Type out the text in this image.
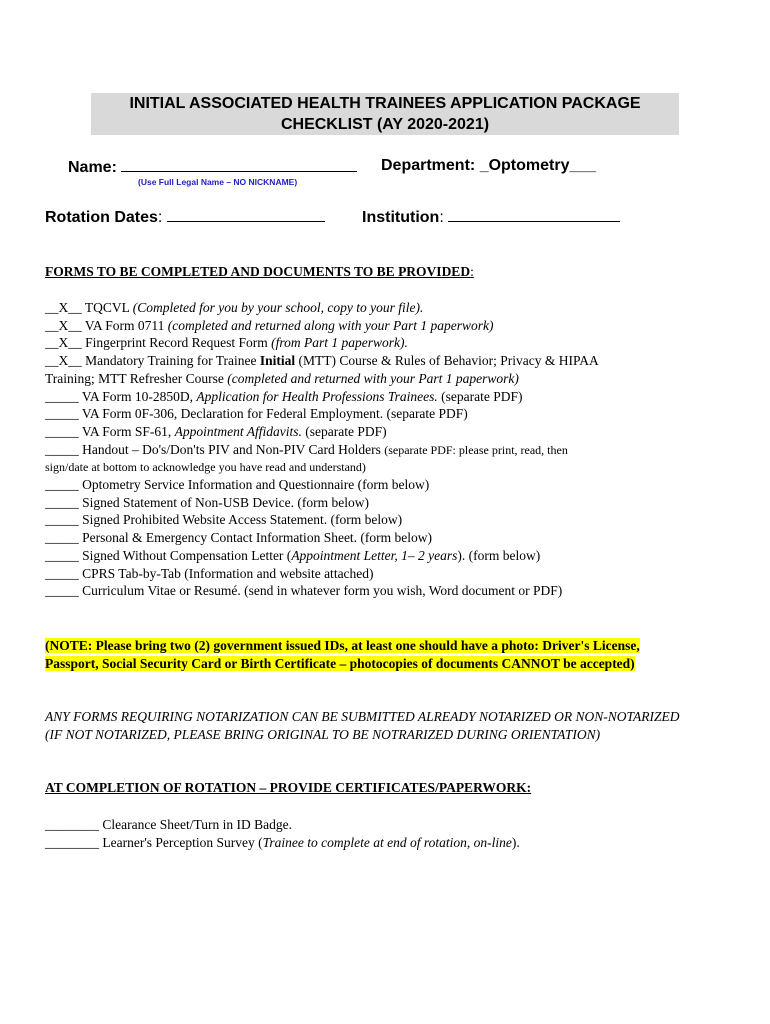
INITIAL ASSOCIATED HEALTH TRAINEES APPLICATION PACKAGE
CHECKLIST (AY 2020-2021)
Name:	Department: _Optometry___
(Use Full Legal Name – NO NICKNAME)
Rotation Dates:	Institution:
FORMS TO BE COMPLETED AND DOCUMENTS TO BE PROVIDED:
__X__ TQCVL (Completed for you by your school, copy to your file).
__X__ VA Form 0711 (completed and returned along with your Part 1 paperwork)
__X__ Fingerprint Record Request Form (from Part 1 paperwork).
__X__ Mandatory Training for Trainee Initial (MTT) Course & Rules of Behavior; Privacy & HIPAA
Training; MTT Refresher Course (completed and returned with your Part 1 paperwork)
_____ VA Form 10-2850D, Application for Health Professions Trainees. (separate PDF)
_____ VA Form 0F-306, Declaration for Federal Employment. (separate PDF)
_____ VA Form SF-61, Appointment Affidavits. (separate PDF)
_____ Handout – Do's/Don'ts PIV and Non-PIV Card Holders (separate PDF: please print, read, then
sign/date at bottom to acknowledge you have read and understand)
_____ Optometry Service Information and Questionnaire (form below)
_____ Signed Statement of Non-USB Device. (form below)
_____ Signed Prohibited Website Access Statement. (form below)
_____ Personal & Emergency Contact Information Sheet. (form below)
_____ Signed Without Compensation Letter (Appointment Letter, 1– 2 years). (form below)
_____ CPRS Tab-by-Tab (Information and website attached)
_____ Curriculum Vitae or Resumé. (send in whatever form you wish, Word document or PDF)
(NOTE: Please bring two (2) government issued IDs, at least one should have a photo: Driver's License, Passport, Social Security Card or Birth Certificate – photocopies of documents CANNOT be accepted)
ANY FORMS REQUIRING NOTARIZATION CAN BE SUBMITTED ALREADY NOTARIZED OR NON-NOTARIZED (IF NOT NOTARIZED, PLEASE BRING ORIGINAL TO BE NOTRARIZED DURING ORIENTATION)
AT COMPLETION OF ROTATION – PROVIDE CERTIFICATES/PAPERWORK:
________ Clearance Sheet/Turn in ID Badge.
________ Learner's Perception Survey (Trainee to complete at end of rotation, on-line).
